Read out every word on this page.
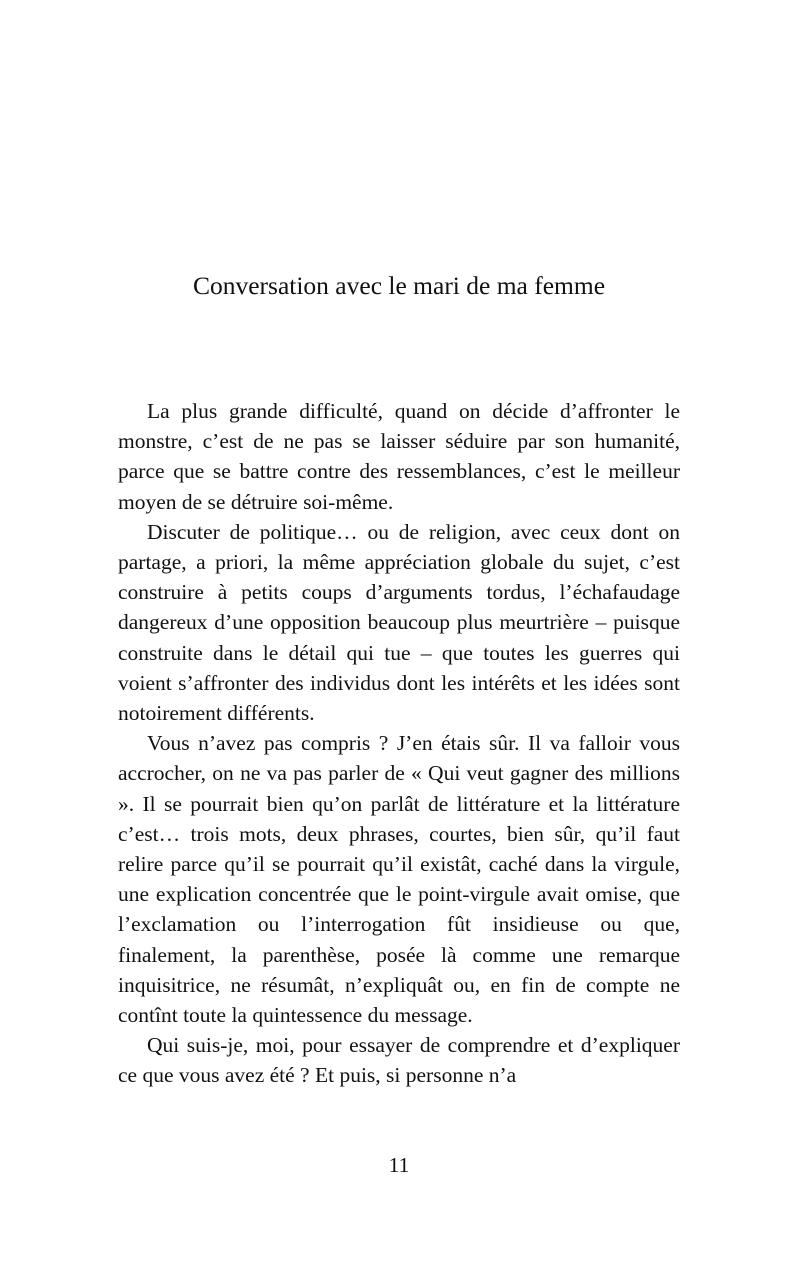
Conversation avec le mari de ma femme

La plus grande difficulté, quand on décide d’affronter le monstre, c’est de ne pas se laisser séduire par son humanité, parce que se battre contre des ressemblances, c’est le meilleur moyen de se détruire soi-même.

Discuter de politique… ou de religion, avec ceux dont on partage, a priori, la même appréciation globale du sujet, c’est construire à petits coups d’arguments tordus, l’échafaudage dangereux d’une opposition beaucoup plus meurtrière – puisque construite dans le détail qui tue – que toutes les guerres qui voient s’affronter des individus dont les intérêts et les idées sont notoirement différents.

Vous n’avez pas compris ? J’en étais sûr. Il va falloir vous accrocher, on ne va pas parler de « Qui veut gagner des millions ». Il se pourrait bien qu’on parlât de littérature et la littérature c’est… trois mots, deux phrases, courtes, bien sûr, qu’il faut relire parce qu’il se pourrait qu’il existât, caché dans la virgule, une explication concentrée que le point-virgule avait omise, que l’exclamation ou l’interrogation fût insidieuse ou que, finalement, la parenthèse, posée là comme une remarque inquisitrice, ne résumât, n’expliquât ou, en fin de compte ne contînt toute la quintessence du message.

Qui suis-je, moi, pour essayer de comprendre et d’expliquer ce que vous avez été ? Et puis, si personne n’a

11
